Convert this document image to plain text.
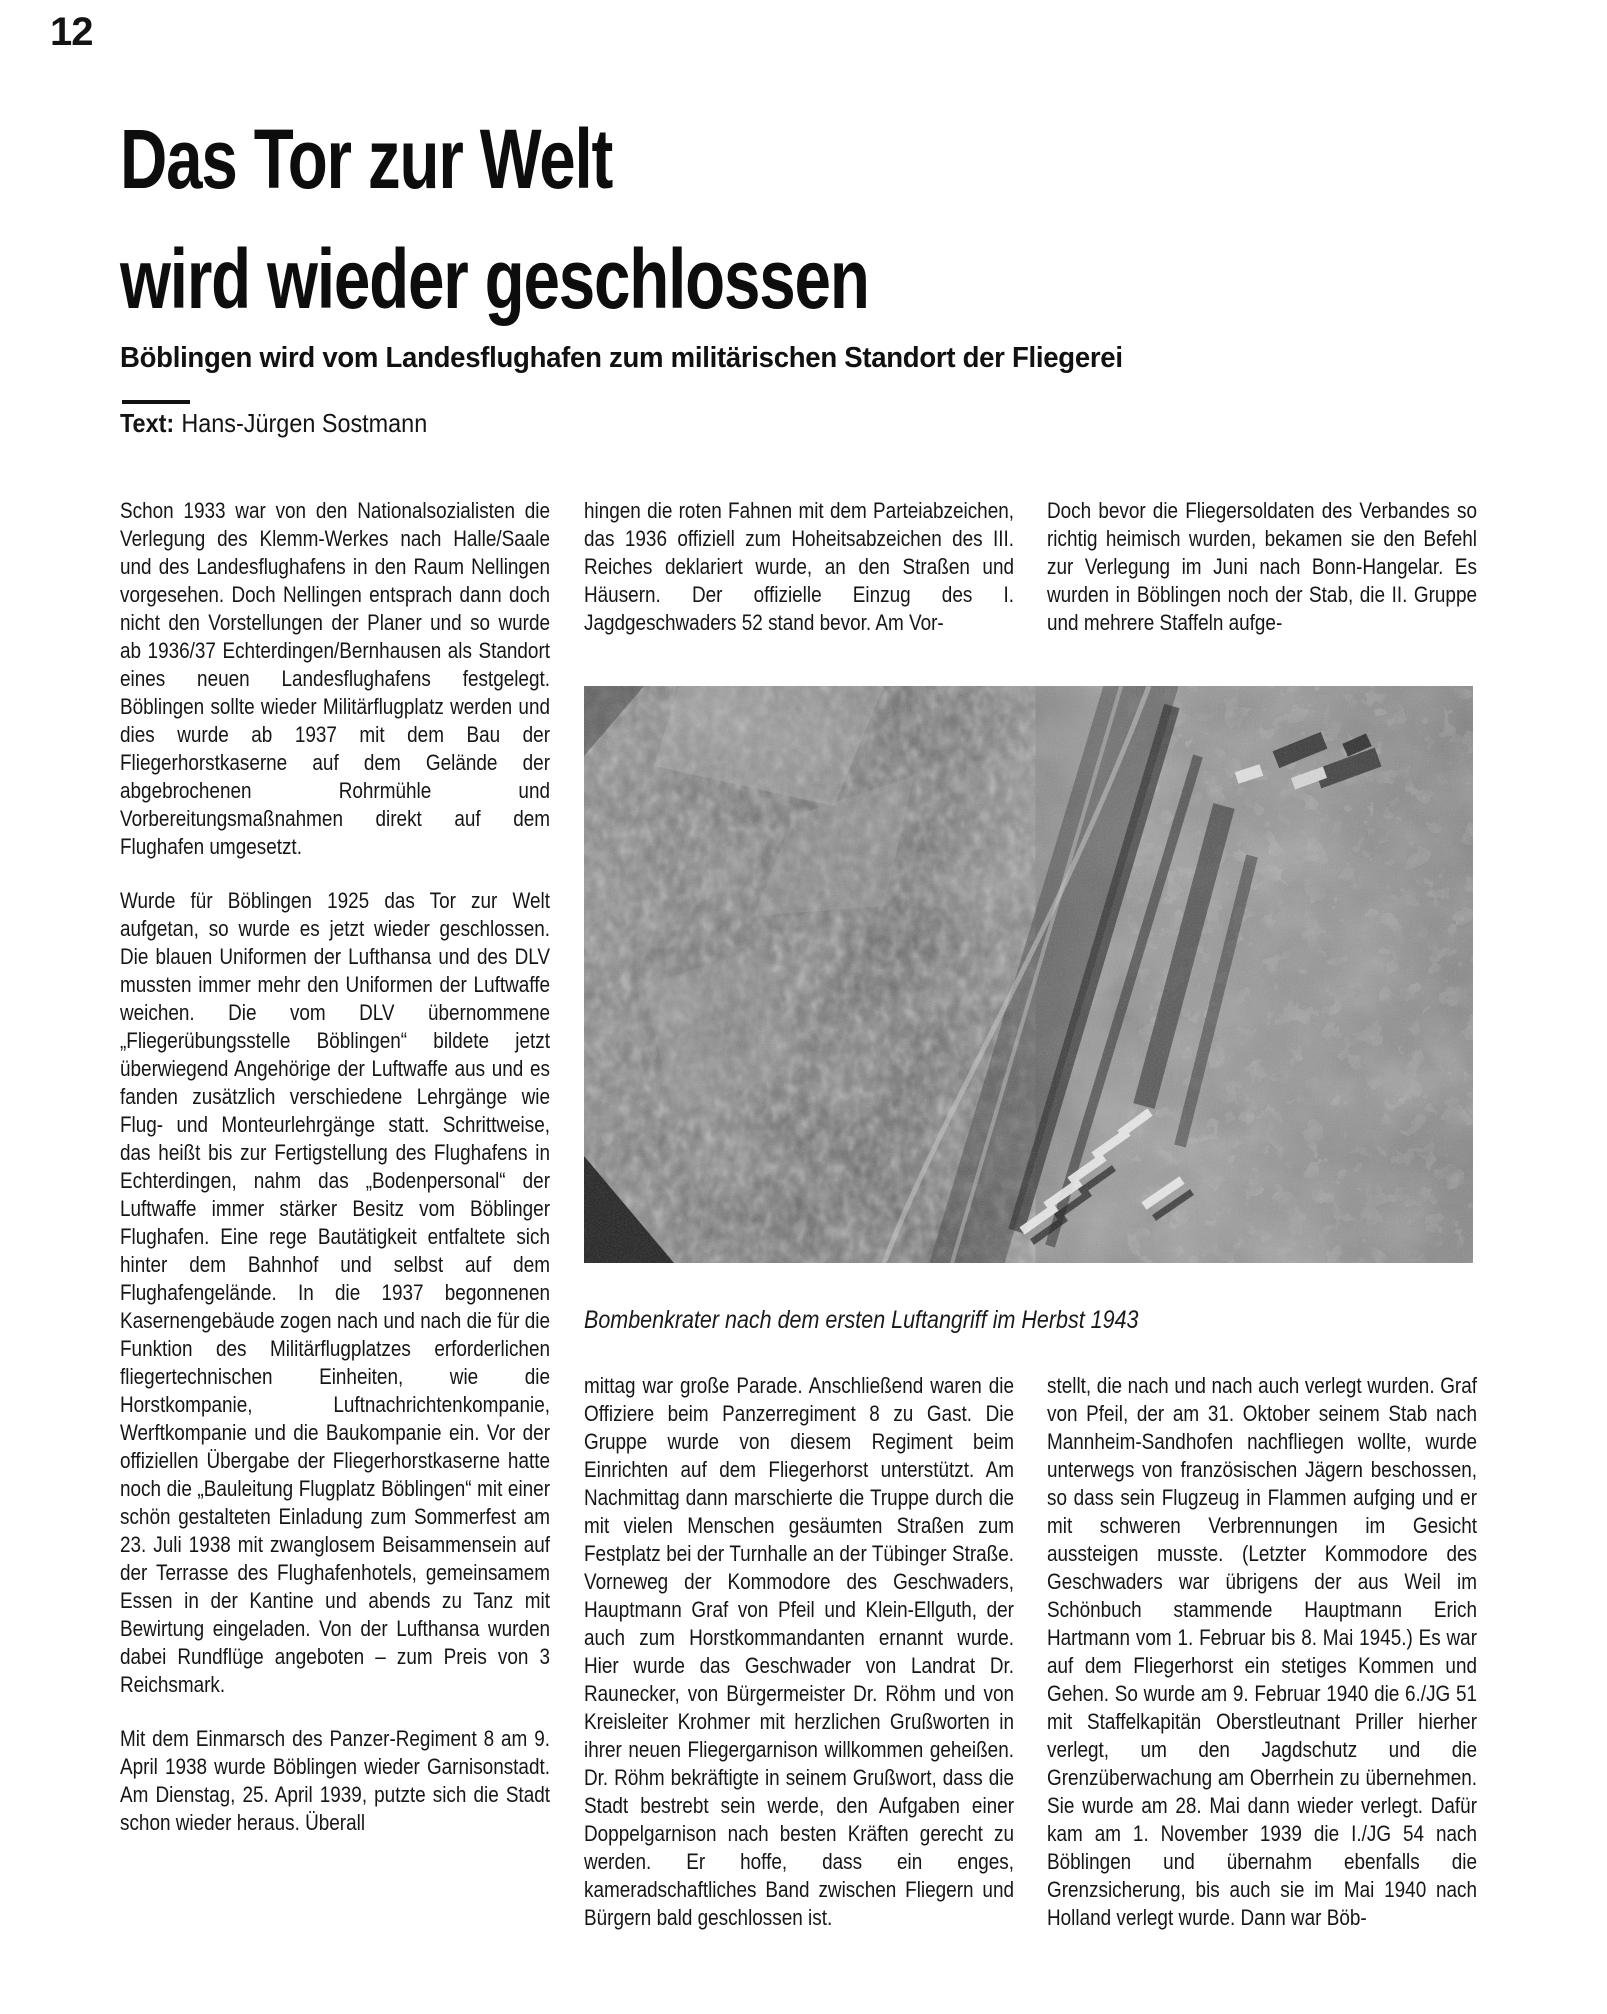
12
Das Tor zur Welt
wird wieder geschlossen
Böblingen wird vom Landesflughafen zum militärischen Standort der Fliegerei
Text: Hans-Jürgen Sostmann

Schon 1933 war von den Nationalsozialisten die Verlegung des Klemm-Werkes nach Halle/Saale und des Landesflughafens in den Raum Nellingen vorgesehen. Doch Nellingen entsprach dann doch nicht den Vorstellungen der Planer und so wurde ab 1936/37 Echterdingen/Bernhausen als Standort eines neuen Landesflughafens festgelegt. Böblingen sollte wieder Militärflugplatz werden und dies wurde ab 1937 mit dem Bau der Fliegerhorstkaserne auf dem Gelände der abgebrochenen Rohrmühle und Vorbereitungsmaßnahmen direkt auf dem Flughafen umgesetzt.

Wurde für Böblingen 1925 das Tor zur Welt aufgetan, so wurde es jetzt wieder geschlossen. Die blauen Uniformen der Lufthansa und des DLV mussten immer mehr den Uniformen der Luftwaffe weichen. Die vom DLV übernommene „Fliegerübungsstelle Böblingen“ bildete jetzt überwiegend Angehörige der Luftwaffe aus und es fanden zusätzlich verschiedene Lehrgänge wie Flug- und Monteurlehrgänge statt. Schrittweise, das heißt bis zur Fertigstellung des Flughafens in Echterdingen, nahm das „Bodenpersonal“ der Luftwaffe immer stärker Besitz vom Böblinger Flughafen. Eine rege Bautätigkeit entfaltete sich hinter dem Bahnhof und selbst auf dem Flughafengelände. In die 1937 begonnenen Kasernengebäude zogen nach und nach die für die Funktion des Militärflugplatzes erforderlichen fliegertechnischen Einheiten, wie die Horstkompanie, Luftnachrichtenkompanie, Werftkompanie und die Baukompanie ein. Vor der offiziellen Übergabe der Fliegerhorstkaserne hatte noch die „Bauleitung Flugplatz Böblingen“ mit einer schön gestalteten Einladung zum Sommerfest am 23. Juli 1938 mit zwanglosem Beisammensein auf der Terrasse des Flughafenhotels, gemeinsamem Essen in der Kantine und abends zu Tanz mit Bewirtung eingeladen. Von der Lufthansa wurden dabei Rundflüge angeboten – zum Preis von 3 Reichsmark.

Mit dem Einmarsch des Panzer-Regiment 8 am 9. April 1938 wurde Böblingen wieder Garnisonstadt. Am Dienstag, 25. April 1939, putzte sich die Stadt schon wieder heraus. Überall

hingen die roten Fahnen mit dem Parteiabzeichen, das 1936 offiziell zum Hoheitsabzeichen des III. Reiches deklariert wurde, an den Straßen und Häusern. Der offizielle Einzug des I. Jagdgeschwaders 52 stand bevor. Am Vor-

Doch bevor die Fliegersoldaten des Verbandes so richtig heimisch wurden, bekamen sie den Befehl zur Verlegung im Juni nach Bonn-Hangelar. Es wurden in Böblingen noch der Stab, die II. Gruppe und mehrere Staffeln aufge-

Bombenkrater nach dem ersten Luftangriff im Herbst 1943

mittag war große Parade. Anschließend waren die Offiziere beim Panzerregiment 8 zu Gast. Die Gruppe wurde von diesem Regiment beim Einrichten auf dem Fliegerhorst unterstützt. Am Nachmittag dann marschierte die Truppe durch die mit vielen Menschen gesäumten Straßen zum Festplatz bei der Turnhalle an der Tübinger Straße. Vorneweg der Kommodore des Geschwaders, Hauptmann Graf von Pfeil und Klein-Ellguth, der auch zum Horstkommandanten ernannt wurde. Hier wurde das Geschwader von Landrat Dr. Raunecker, von Bürgermeister Dr. Röhm und von Kreisleiter Krohmer mit herzlichen Grußworten in ihrer neuen Fliegergarnison willkommen geheißen. Dr. Röhm bekräftigte in seinem Grußwort, dass die Stadt bestrebt sein werde, den Aufgaben einer Doppelgarnison nach besten Kräften gerecht zu werden. Er hoffe, dass ein enges, kameradschaftliches Band zwischen Fliegern und Bürgern bald geschlossen ist.

stellt, die nach und nach auch verlegt wurden. Graf von Pfeil, der am 31. Oktober seinem Stab nach Mannheim-Sandhofen nachfliegen wollte, wurde unterwegs von französischen Jägern beschossen, so dass sein Flugzeug in Flammen aufging und er mit schweren Verbrennungen im Gesicht aussteigen musste. (Letzter Kommodore des Geschwaders war übrigens der aus Weil im Schönbuch stammende Hauptmann Erich Hartmann vom 1. Februar bis 8. Mai 1945.) Es war auf dem Fliegerhorst ein stetiges Kommen und Gehen. So wurde am 9. Februar 1940 die 6./JG 51 mit Staffelkapitän Oberstleutnant Priller hierher verlegt, um den Jagdschutz und die Grenzüberwachung am Oberrhein zu übernehmen. Sie wurde am 28. Mai dann wieder verlegt. Dafür kam am 1. November 1939 die I./JG 54 nach Böblingen und übernahm ebenfalls die Grenzsicherung, bis auch sie im Mai 1940 nach Holland verlegt wurde. Dann war Böb-
